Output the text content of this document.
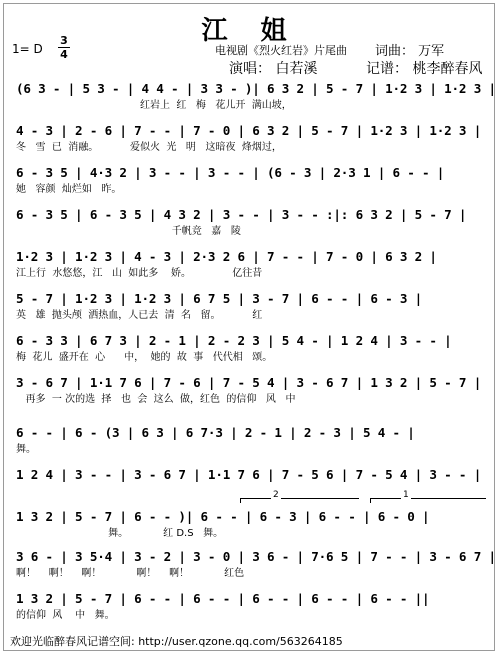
江 姐
1= D
3
4	电视剧《烈火红岩》片尾曲 词曲： 万军
演唱： 白若溪	记谱： 桃李醉春风
(6 3 - | 5 3 - | 4 4 - | 3 3 - )| 6 3 2 | 5 - 7 | 1·2 3 | 1·2 3 |
红岩上  红   梅   花儿开  满山坡，
4 - 3 | 2 - 6 | 7 - - | 7 - 0 | 6 3 2 | 5 - 7 | 1·2 3 | 1·2 3 |
冬   雪  已  消融。          爱似火  光   明   这暗夜  烽烟过，
6 - 3 5 | 4·3 2 | 3 - - | 3 - - | (6 - 3 | 2·3 1 | 6 - - |
她   容颜  灿烂如   昨。
6 - 3 5 | 6 - 3 5 | 4 3 2 | 3 - - | 3 - - :|: 6 3 2 | 5 - 7 |
千帆竞   嘉   陵
1·2 3 | 1·2 3 | 4 - 3 | 2·3 2 6 | 7 - - | 7 - 0 | 6 3 2 |
江上行  水悠悠，江   山  如此多    娇。             亿往昔
5 - 7 | 1·2 3 | 1·2 3 | 6 7 5 | 3 - 7 | 6 - - | 6 - 3 |
英   雄  抛头颅  洒热血，人已去  清  名   留。          红
6 - 3 3 | 6 7 3 | 2 - 1 | 2 - 2 3 | 5 4 - | 1 2 4 | 3 - - |
梅  花儿  盛开在  心      中，  她的  故  事   代代相   颂。
3 - 6 7 | 1·1 7 6 | 7 - 6 | 7 - 5 4 | 3 - 6 7 | 1 3 2 | 5 - 7 |
再多  一 次的选  择   也  会  这么  做，红色  的信仰   风   中
6 - - | 6 - (3 | 6 3 | 6 7·3 | 2 - 1 | 2 - 3 | 5 4 - |
舞。
1 2 4 | 3 - - | 3 - 6 7 | 1·1 7 6 | 7 - 5 6 | 7 - 5 4 | 3 - - |
2	1
1 3 2 | 5 - 7 | 6 - - )| 6 - - | 6 - 3 | 6 - - | 6 - 0 |
舞。           红 D.S   舞。
3 6 - | 3 5·4 | 3 - 2 | 3 - 0 | 3 6 - | 7·6 5 | 7 - - | 3 - 6 7 |
啊！    啊！    啊！           啊！    啊！           红色
1 3 2 | 5 - 7 | 6 - - | 6 - - | 6 - - | 6 - - | 6 - - ||
的信仰  风    中   舞。
欢迎光临醉春风记谱空间: http://user.qzone.qq.com/563264185
